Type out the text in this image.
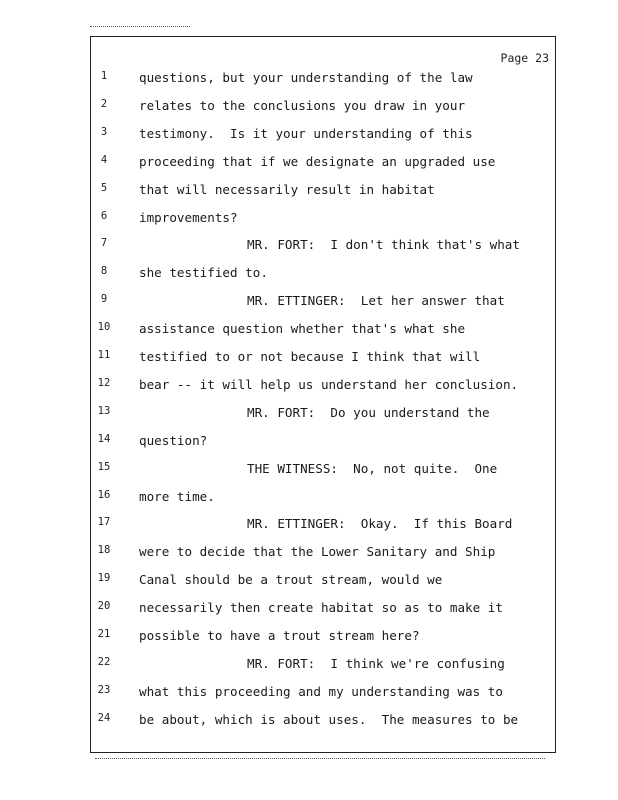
Page 23
1	questions, but your understanding of the law
2	relates to the conclusions you draw in your
3	testimony.  Is it your understanding of this
4	proceeding that if we designate an upgraded use
5	that will necessarily result in habitat
6	improvements?
7	MR. FORT:  I don't think that's what
8	she testified to.
9	MR. ETTINGER:  Let her answer that
10	assistance question whether that's what she
11	testified to or not because I think that will
12	bear -- it will help us understand her conclusion.
13	MR. FORT:  Do you understand the
14	question?
15	THE WITNESS:  No, not quite.  One
16	more time.
17	MR. ETTINGER:  Okay.  If this Board
18	were to decide that the Lower Sanitary and Ship
19	Canal should be a trout stream, would we
20	necessarily then create habitat so as to make it
21	possible to have a trout stream here?
22	MR. FORT:  I think we're confusing
23	what this proceeding and my understanding was to
24	be about, which is about uses.  The measures to be
